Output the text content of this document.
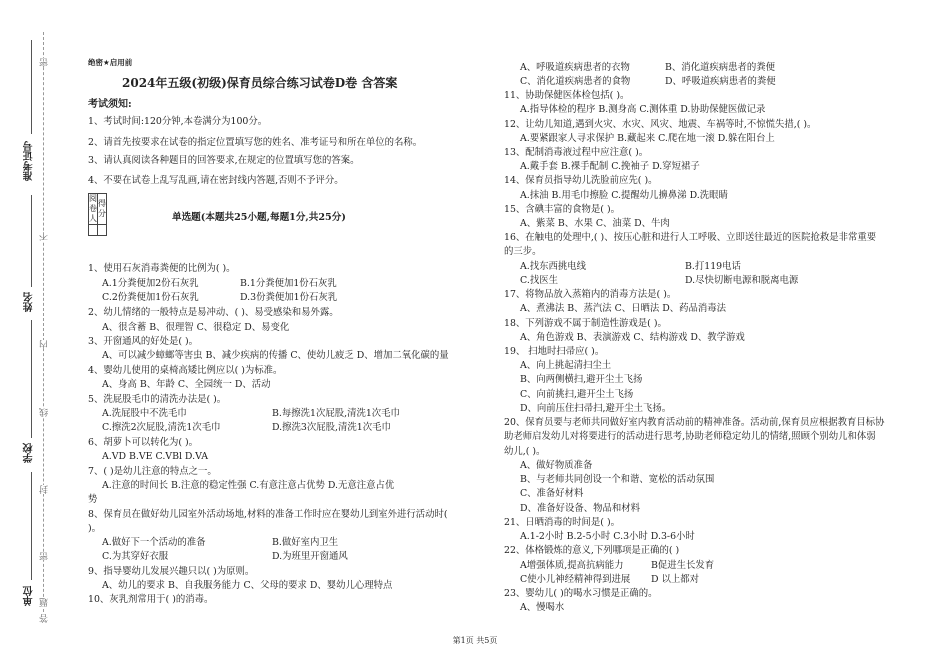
准考证号
姓名
学校
单位
密
不
内
线
封
密
题
答
绝密★启用前
2024年五级(初级)保育员综合练习试卷D卷 含答案
考试须知:
1、考试时间:120分钟,本卷满分为100分。
2、请首先按要求在试卷的指定位置填写您的姓名、准考证号和所在单位的名称。
3、请认真阅读各种题目的回答要求,在规定的位置填写您的答案。
4、不要在试卷上乱写乱画,请在密封线内答题,否则不予评分。
阅卷人	得分
		单选题(本题共25小题,每题1分,共25分)
1、使用石灰消毒粪便的比例为( )。
A.1分粪便加2份石灰乳	B.1分粪便加1份石灰乳
C.2份粪便加1份石灰乳	D.3份粪便加1份石灰乳
2、幼儿情绪的一般特点是易冲动、( )、易受感染和易外露。
A、很含蓄 B、很理智 C、很稳定 D、易变化
3、开窗通风的好处是( )。
A、可以减少蟑螂等害虫 B、减少疾病的传播 C、使幼儿疲乏 D、增加二氧化碳的量
4、婴幼儿使用的桌椅高矮比例应以( )为标准。
A、身高 B、年龄 C、全园统一 D、活动
5、洗屁股毛巾的清洗办法是( )。
A.洗屁股中不洗毛巾	B.每擦洗1次屁股,清洗1次毛巾
C.擦洗2次屁股,清洗1次毛巾	D.擦洗3次屁股,清洗1次毛巾
6、胡萝卜可以转化为( )。
A.VD B.VE C.VBl D.VA
7、( )是幼儿注意的特点之一。
A.注意的时间长 B.注意的稳定性强 C.有意注意占优势 D.无意注意占优
势
8、保育员在做好幼儿园室外活动场地,材料的准备工作时应在婴幼儿到室外进行活动时(
)。
A.做好下一个活动的准备	B.做好室内卫生
C.为其穿好衣服	D.为班里开窗通风
9、指导婴幼儿发展兴趣只以( )为原则。
A、幼儿的要求 B、自我服务能力 C、父母的要求 D、婴幼儿心理特点
10、灰乳剂常用于( )的消毒。
A、呼吸道疾病患者的衣物	B、消化道疾病患者的粪便
C、消化道疾病患者的食物	D、呼吸道疾病患者的粪便
11、协助保健医体检包括( )。
A.指导体检的程序 B.测身高 C.测体重 D.协助保健医做记录
12、让幼儿知道,遇到火灾、水灾、风灾、地震、车祸等时,不惊慌失措,( )。
A.要紧跟家人寻求保护 B.藏起来 C.爬在地一滚 D.躲在阳台上
13、配制消毒液过程中应注意( )。
A.戴手套 B.裸手配制 C.挽袖子 D.穿短裙子
14、保育员指导幼儿洗脸前应先( )。
A.抹油 B.用毛巾擦脸 C.提醒幼儿擤鼻涕 D.洗眼睛
15、含碘丰富的食物是( )。
A、紫菜 B、水果 C、油菜 D、牛肉
16、在触电的处理中,( )、按压心脏和进行人工呼吸、立即送往最近的医院抢救是非常重要
的三步。
A.找东西挑电线	B.打119电话
C.找医生	D.尽快切断电源和脱离电源
17、将物品放入蒸箱内的消毒方法是( )。
A、煮沸法 B、蒸汽法 C、日晒法 D、药品消毒法
18、下列游戏不属于制造性游戏是( )。
A、角色游戏 B、表演游戏 C、结构游戏 D、教学游戏
19、 扫地时扫帚应( )。
A、向上挑起清扫尘土
B、向两侧横扫,避开尘土飞扬
C、向前挑扫,避开尘土飞扬
D、向前压住扫帚扫,避开尘土飞扬。
20、保育员要与老师共同做好室内教育活动前的精神准备。活动前,保育员应根据教育目标协
助老师启发幼儿对将要进行的活动进行思考,协助老师稳定幼儿的情绪,照顾个别幼儿和体弱
幼儿,( )。
A、做好物质准备
B、与老师共同创设一个和谐、宽松的活动氛围
C、准备好材料
D、准备好设备、物品和材料
21、日晒消毒的时间是( )。
A.1-2小时 B.2-5小时 C.3小时 D.3-6小时
22、体格锻炼的意义,下列哪项是正确的( )
A增强体质,提高抗病能力	B促进生长发育
C使小儿神经精神得到进展 D 以上都对
23、婴幼儿( )的喝水习惯是正确的。
A、慢喝水
第1页 共5页
